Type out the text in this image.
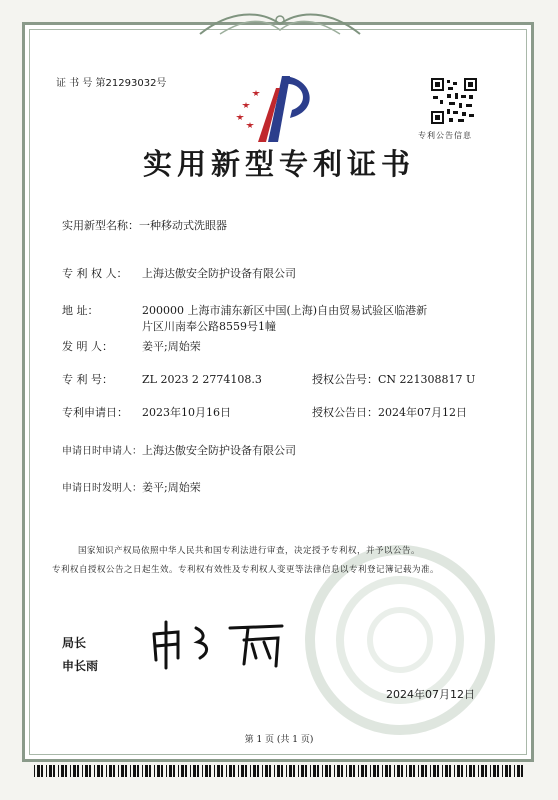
证 书 号 第21293032号
专利公告信息
实用新型专利证书
实用新型名称：一种移动式洗眼器
专 利 权 人： 上海达傲安全防护设备有限公司
地 址：	200000 上海市浦东新区中国(上海)自由贸易试验区临港新
片区川南奉公路8559号1幢
发 明 人：	姜平;周始荣
专 利 号：	ZL 2023 2 2774108.3	授权公告号：CN 221308817 U
专利申请日： 2023年10月16日	授权公告日：2024年07月12日
申请日时申请人：上海达傲安全防护设备有限公司
申请日时发明人：姜平;周始荣
国家知识产权局依照中华人民共和国专利法进行审查，决定授予专利权，并予以公告。
专利权自授权公告之日起生效。专利权有效性及专利权人变更等法律信息以专利登记簿记载为准。
局长
申长雨
2024年07月12日
第 1 页 (共 1 页)
